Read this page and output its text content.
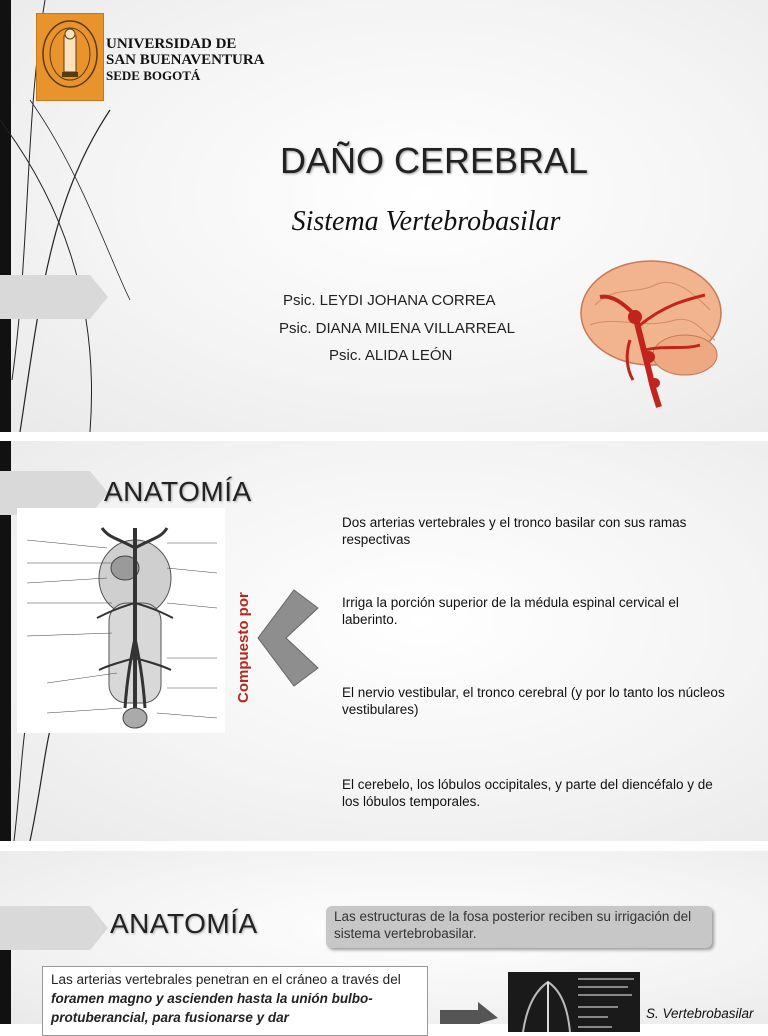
UNIVERSIDAD DE
SAN BUENAVENTURA
SEDE BOGOTÁ
DAÑO CEREBRAL
Sistema Vertebrobasilar
Psic. LEYDI JOHANA CORREA
Psic. DIANA MILENA VILLARREAL
Psic. ALIDA LEÓN
ANATOMÍA
Compuesto por
Dos arterias vertebrales y el tronco basilar con sus ramas respectivas
Irriga la porción superior de la médula espinal cervical el laberinto.
El nervio vestibular, el tronco cerebral (y por lo tanto los núcleos vestibulares)
El cerebelo, los lóbulos occipitales, y parte del diencéfalo y de los lóbulos temporales.
ANATOMÍA	Las estructuras de la fosa posterior reciben su irrigación del sistema vertebrobasilar.
Las arterias vertebrales penetran en el cráneo a través del foramen magno y ascienden hasta la unión bulbo-protuberancial, para fusionarse y dar	S. Vertebrobasilar
